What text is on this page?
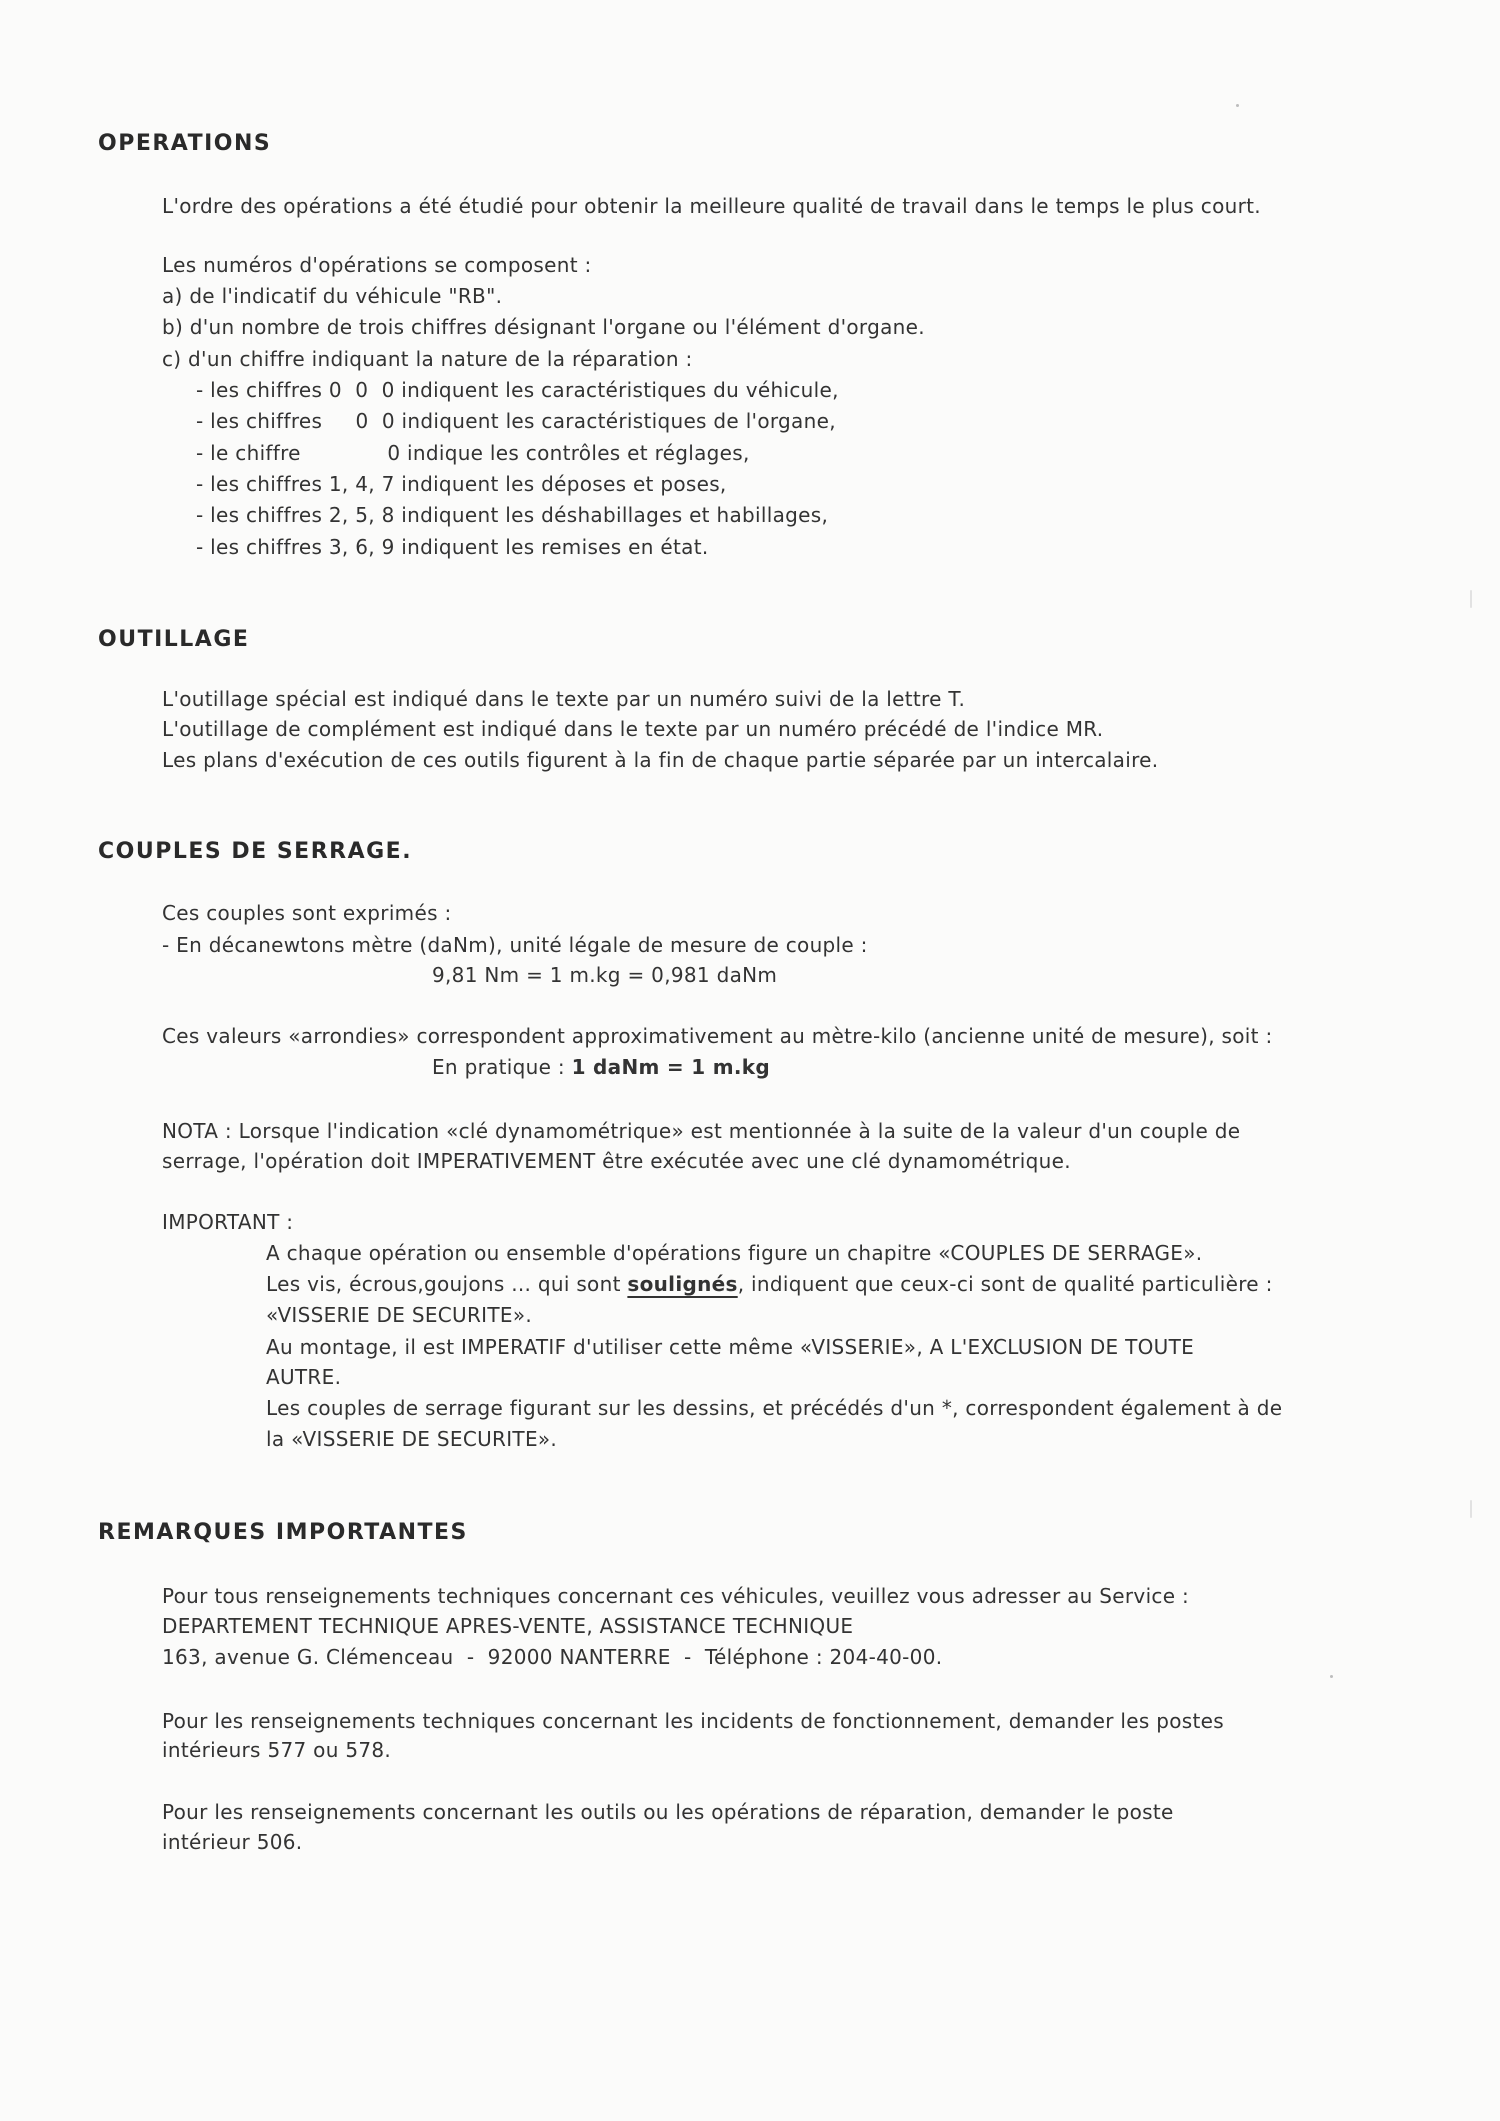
OPERATIONS
L'ordre des opérations a été étudié pour obtenir la meilleure qualité de travail dans le temps le plus court.
Les numéros d'opérations se composent :
a) de l'indicatif du véhicule "RB".
b) d'un nombre de trois chiffres désignant l'organe ou l'élément d'organe.
c) d'un chiffre indiquant la nature de la réparation :
- les chiffres 0  0  0 indiquent les caractéristiques du véhicule,
- les chiffres     0  0 indiquent les caractéristiques de l'organe,
- le chiffre             0 indique les contrôles et réglages,
- les chiffres 1, 4, 7 indiquent les déposes et poses,
- les chiffres 2, 5, 8 indiquent les déshabillages et habillages,
- les chiffres 3, 6, 9 indiquent les remises en état.
OUTILLAGE
L'outillage spécial est indiqué dans le texte par un numéro suivi de la lettre T.
L'outillage de complément est indiqué dans le texte par un numéro précédé de l'indice MR.
Les plans d'exécution de ces outils figurent à la fin de chaque partie séparée par un intercalaire.
COUPLES DE SERRAGE.
Ces couples sont exprimés :
- En décanewtons mètre (daNm), unité légale de mesure de couple :
9,81 Nm = 1 m.kg = 0,981 daNm
Ces valeurs «arrondies» correspondent approximativement au mètre-kilo (ancienne unité de mesure), soit :
En pratique : 1 daNm = 1 m.kg
NOTA : Lorsque l'indication «clé dynamométrique» est mentionnée à la suite de la valeur d'un couple de
serrage, l'opération doit IMPERATIVEMENT être exécutée avec une clé dynamométrique.
IMPORTANT :
A chaque opération ou ensemble d'opérations figure un chapitre «COUPLES DE SERRAGE».
Les vis, écrous,goujons ... qui sont soulignés, indiquent que ceux-ci sont de qualité particulière :
«VISSERIE DE SECURITE».
Au montage, il est IMPERATIF d'utiliser cette même «VISSERIE», A L'EXCLUSION DE TOUTE
AUTRE.
Les couples de serrage figurant sur les dessins, et précédés d'un *, correspondent également à de
la «VISSERIE DE SECURITE».
REMARQUES IMPORTANTES
Pour tous renseignements techniques concernant ces véhicules, veuillez vous adresser au Service :
DEPARTEMENT TECHNIQUE APRES-VENTE, ASSISTANCE TECHNIQUE
163, avenue G. Clémenceau  -  92000 NANTERRE  -  Téléphone : 204-40-00.
Pour les renseignements techniques concernant les incidents de fonctionnement, demander les postes
intérieurs 577 ou 578.
Pour les renseignements concernant les outils ou les opérations de réparation, demander le poste
intérieur 506.
